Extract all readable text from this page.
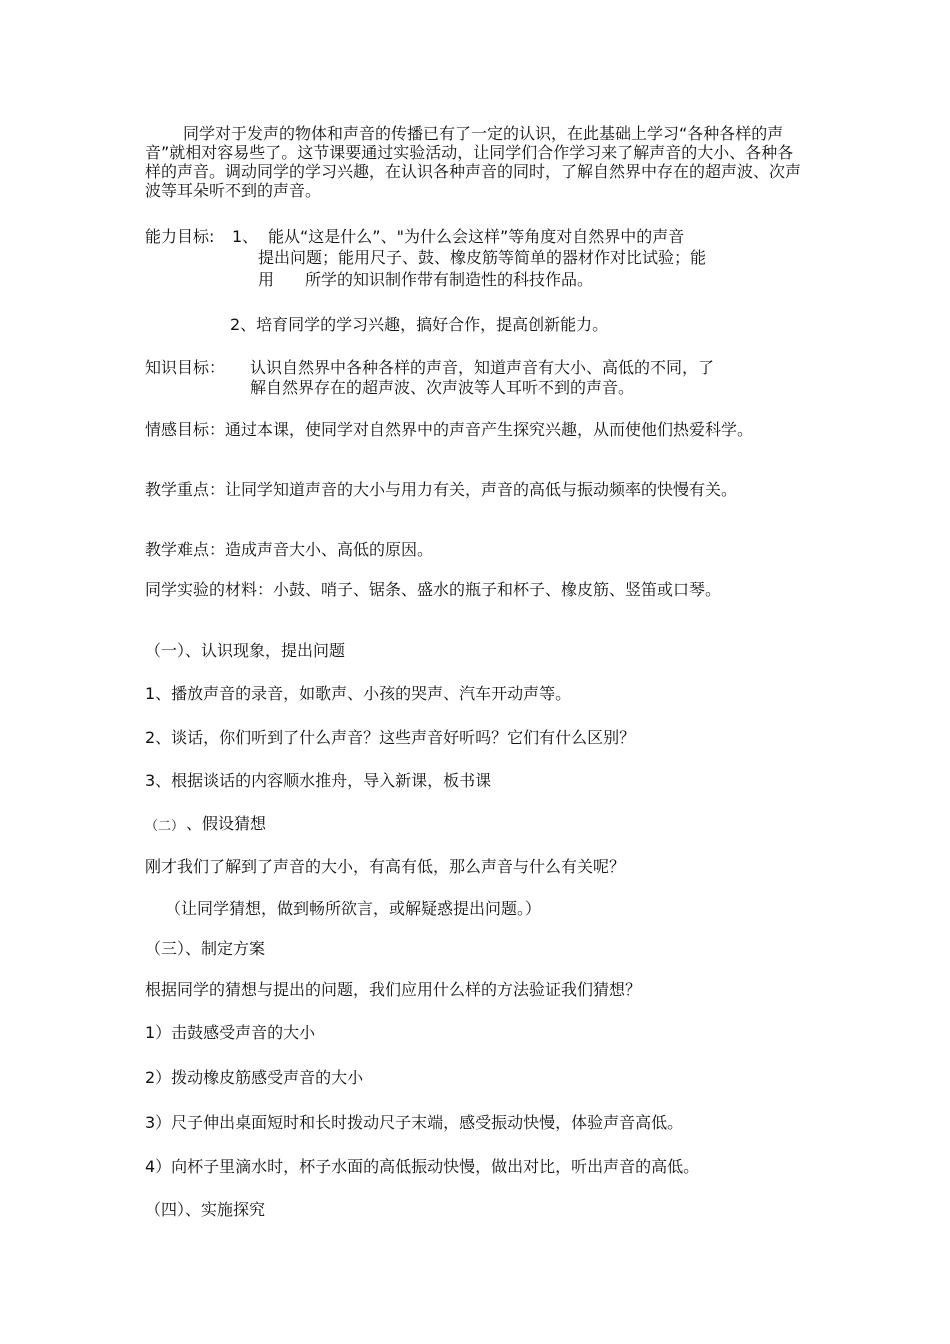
同学对于发声的物体和声音的传播已有了一定的认识，在此基础上学习“各种各样的声音”就相对容易些了。这节课要通过实验活动，让同学们合作学习来了解声音的大小、各种各样的声音。调动同学的学习兴趣，在认识各种声音的同时，了解自然界中存在的超声波、次声波等耳朵听不到的声音。

能力目标: 1、 能从“这是什么”、"为什么会这样”等角度对自然界中的声音
提出问题；能用尺子、鼓、橡皮筋等简单的器材作对比试验；能
用 所学的知识制作带有制造性的科技作品。
2、培育同学的学习兴趣，搞好合作，提高创新能力。
知识目标： 认识自然界中各种各样的声音，知道声音有大小、高低的不同，了
解自然界存在的超声波、次声波等人耳听不到的声音。

情感目标：通过本课，使同学对自然界中的声音产生探究兴趣，从而使他们热爱科学。

教学重点：让同学知道声音的大小与用力有关，声音的高低与振动频率的快慢有关。

教学难点：造成声音大小、高低的原因。

同学实验的材料：小鼓、哨子、锯条、盛水的瓶子和杯子、橡皮筋、竖笛或口琴。

（一）、认识现象，提出问题
1、播放声音的录音，如歌声、小孩的哭声、汽车开动声等。
2、谈话，你们听到了什么声音？这些声音好听吗？它们有什么区别？
3、根据谈话的内容顺水推舟，导入新课，板书课
（二） 、假设猜想
刚才我们了解到了声音的大小，有高有低，那么声音与什么有关呢？
（让同学猜想，做到畅所欲言，或解疑惑提出问题。）
（三）、制定方案
根据同学的猜想与提出的问题，我们应用什么样的方法验证我们猜想？
1）击鼓感受声音的大小
2）拨动橡皮筋感受声音的大小
3）尺子伸出桌面短时和长时拨动尺子末端，感受振动快慢，体验声音高低。
4）向杯子里滴水时，杯子水面的高低振动快慢，做出对比，听出声音的高低。
（四）、实施探究
